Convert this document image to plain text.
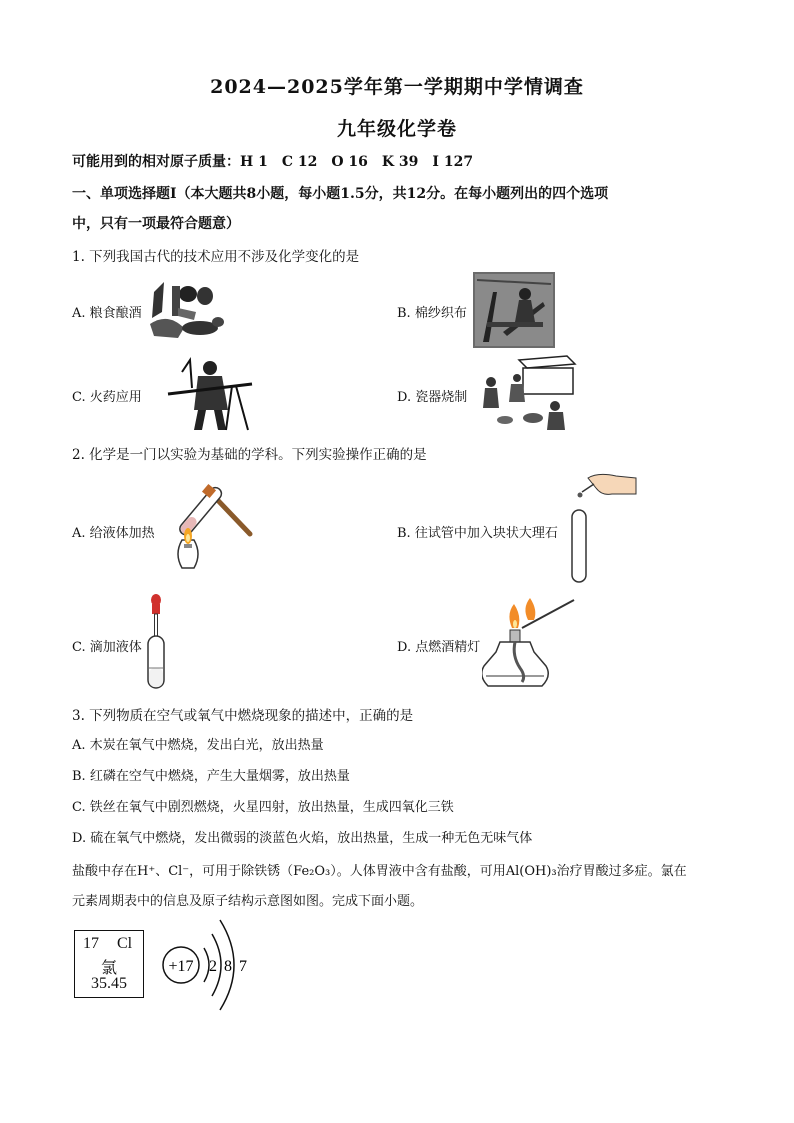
2024—2025学年第一学期期中学情调查
九年级化学卷
可能用到的相对原子质量：H 1　C 12　O 16　K 39　I 127
一、单项选择题Ⅰ（本大题共8小题，每小题1.5分，共12分。在每小题列出的四个选项
中，只有一项最符合题意）
1. 下列我国古代的技术应用不涉及化学变化的是
A. 粮食酿酒	B. 棉纱织布
C. 火药应用	D. 瓷器烧制
2. 化学是一门以实验为基础的学科。下列实验操作正确的是
A. 给液体加热	B. 往试管中加入块状大理石
C. 滴加液体	D. 点燃酒精灯
3. 下列物质在空气或氧气中燃烧现象的描述中，正确的是
A. 木炭在氧气中燃烧，发出白光，放出热量
B. 红磷在空气中燃烧，产生大量烟雾，放出热量
C. 铁丝在氧气中剧烈燃烧，火星四射，放出热量，生成四氧化三铁
D. 硫在氧气中燃烧，发出微弱的淡蓝色火焰，放出热量，生成一种无色无味气体
盐酸中存在H⁺、Cl⁻，可用于除铁锈（Fe₂O₃）。人体胃液中含有盐酸，可用Al(OH)₃治疗胃酸过多症。氯在
元素周期表中的信息及原子结构示意图如图。完成下面小题。
17 Cl
氯
35.45
+17 2 8 7
